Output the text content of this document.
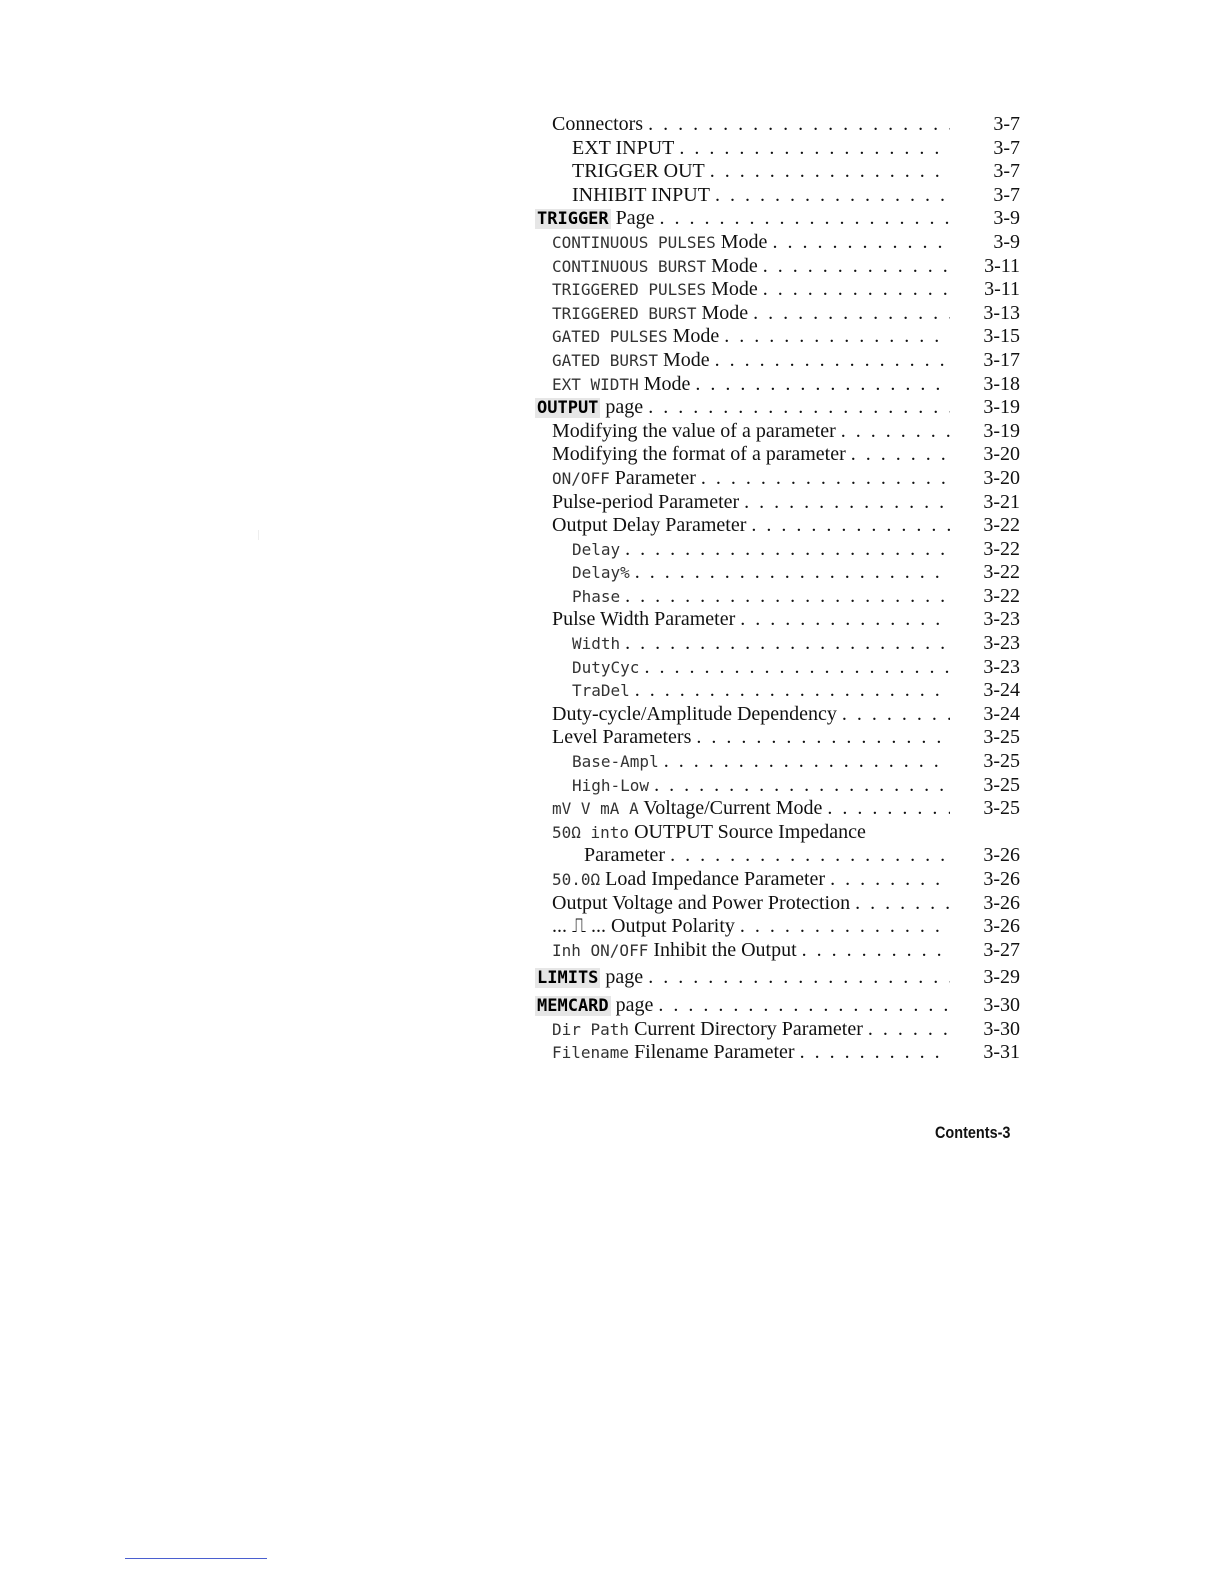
Connectors . . .	3-7
EXT INPUT . . .	3-7
TRIGGER OUT . . .	3-7
INHIBIT INPUT . . .	3-7
TRIGGER Page . . .	3-9
CONTINUOUS PULSES Mode . . .	3-9
CONTINUOUS BURST Mode . . .	3-11
TRIGGERED PULSES Mode . . .	3-11
TRIGGERED BURST Mode . . .	3-13
GATED PULSES Mode . . .	3-15
GATED BURST Mode . . .	3-17
EXT WIDTH Mode . . .	3-18
OUTPUT page . . .	3-19
Modifying the value of a parameter . . .	3-19
Modifying the format of a parameter . . .	3-20
ON/OFF Parameter . . .	3-20
Pulse-period Parameter . . .	3-21
Output Delay Parameter . . .	3-22
Delay . . .	3-22
Delay% . . .	3-22
Phase . . .	3-22
Pulse Width Parameter . . .	3-23
Width . . .	3-23
DutyCyc . . .	3-23
TraDel . . .	3-24
Duty-cycle/Amplitude Dependency . . .	3-24
Level Parameters . . .	3-25
Base-Ampl . . .	3-25
High-Low . . .	3-25
mV V mA A Voltage/Current Mode . . .	3-25
50Ω into OUTPUT Source Impedance
Parameter . . .	3-26
50.0Ω Load Impedance Parameter . . .	3-26
Output Voltage and Power Protection . . .	3-26
... ⎍ ... Output Polarity . . .	3-26
Inh ON/OFF Inhibit the Output . . .	3-27
LIMITS page . . .	3-29
MEMCARD page . . .	3-30
Dir Path Current Directory Parameter . . .	3-30
Filename Filename Parameter . . .	3-31
Contents-3
